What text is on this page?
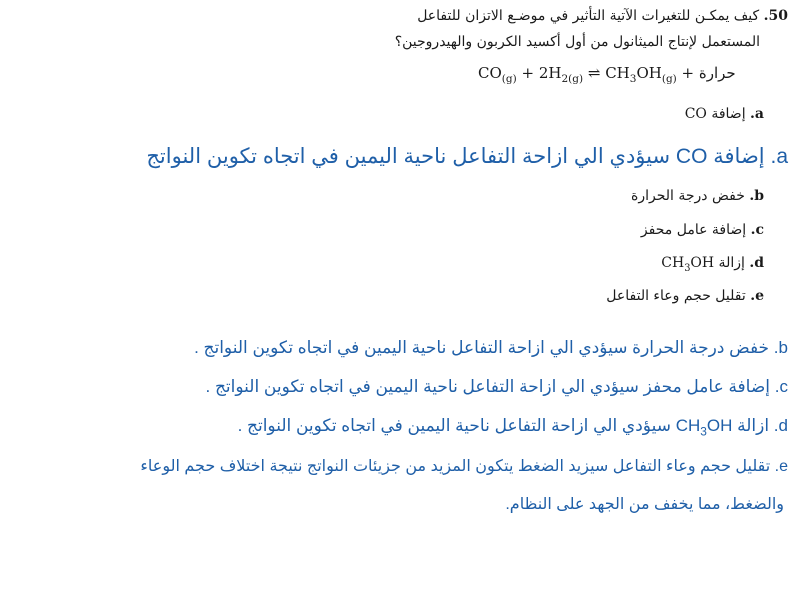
50. كيف يمكـن للتغيرات الآتية التأثير في موضـع الاتزان للتفاعل

المستعمل لإنتاج الميثانول من أول أكسيد الكربون والهيدروجين؟

$CO_{(g)} + 2H_{2(g)}$ ⇌ $CH_3OH_{(g)}$ حرارة +

a. إضافة CO

a. إضافة CO سيؤدي الي ازاحة التفاعل ناحية اليمين في اتجاه تكوين النواتج

b. خفض درجة الحرارة

c. إضافة عامل محفز

d. إزالة $CH_3OH$

e. تقليل حجم وعاء التفاعل

b. خفض درجة الحرارة سيؤدي الي ازاحة التفاعل ناحية اليمين في اتجاه تكوين النواتج .

c. إضافة عامل محفز سيؤدي الي ازاحة التفاعل ناحية اليمين في اتجاه تكوين النواتج .

d. ازالة $CH_3OH$ سيؤدي الي ازاحة التفاعل ناحية اليمين في اتجاه تكوين النواتج .

e. تقليل حجم وعاء التفاعل سيزيد الضغط يتكون المزيد من جزيئات النواتج نتيجة اختلاف حجم الوعاء

والضغط، مما يخفف من الجهد على النظام.
